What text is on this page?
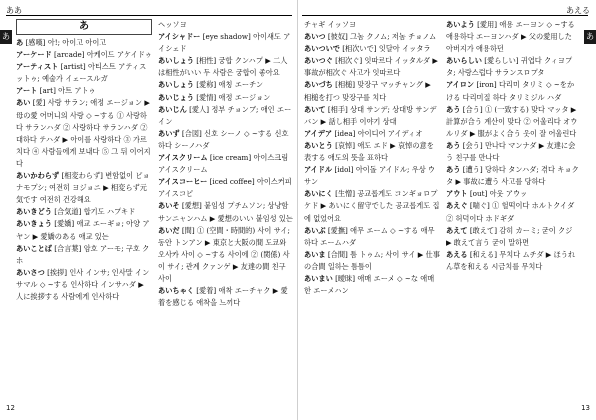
ああ
あ
あ

あ [感嘆] 아!; 아이고 아이고

アーケード [arcade] 아케이드 アケイドゥ

アーティスト [artist] 아티스트 アティスットゥ; 예술가 イェースルガ

アート [art] 아트 アトゥ

あい [愛] 사랑 サラン; 애정 エージョン ▶ 母の愛 어머니의 사랑 ◇ ~する ① 사랑하다 サランハダ ② 사랑하다 サランハダ ② 대하다 テハダ ▶ 아이를 사랑하다 ③ 가르치다 ④ 사람들에게 보내다 ⑤ 그 뒤 이어지다

あいかわらず [相変わらず] 변함없이 ピョナモプシ; 여전히 ヨジョニ ▶ 相変らず元気です 여전히 건강해요

あいきどう [合気道] 합기도 ハプキド

あいきょう [愛嬌] 애교 エーギョ; 아양 アヤン ▶ 愛嬌のある 애교 있는

あいことば [合言葉] 암호 アーモ; 구호 クホ

あいさつ [挨拶] 인사 インサ; 인사말 インサマル ◇ ~する 인사하다 インサハダ ▶ 人に挨拶する 사람에게 인사하다

ヘッソヨ

アイシャドー [eye shadow] 아이섀도 アイシェド

あいしょう [相性] 궁합 クンハプ ▶ 二人は相性がいい 두 사람은 궁합이 좋아요

あいしょう [愛称] 애칭 エーチン

あいじょう [愛情] 애정 エージョン

あいじん [愛人] 정부 チョンブ; 애인 エーイン

あいず [合図] 신호 シーノ ◇ ~する 신호하다 シーノハダ

アイスクリーム [ice cream] 아이스크림 アイスクリーム

アイスコーヒー [iced coffee] 아이스커피 アイスコピ

あいそ [愛想] 붙임성 プチムソン; 상냥함 サンニャンハム ▶ 愛想のいい 붙임성 있는

あいだ [間] ① (空間・時間的) 사이 サイ; 동안 トンアン ▶ 東京と大阪の間 도쿄와 오사카 사이 ◇ ~する 사이에 ② (関係) 사이 サイ; 관계 クァンゲ ▶ 友達の間 친구 사이

あいちゃく [愛着] 애착 エーチャク ▶ 愛着を感じる 애착을 느끼다

12
あえる
あ

チャギ イッソヨ

あいつ [彼奴] 그놈 クノム; 저놈 チョノム

あいついで [相次いで] 잇달아 イッタラ

あいつぐ [相次ぐ] 잇따르다 イッタルダ ▶ 事故が相次ぐ 사고가 잇따르다

あいづち [相槌] 맞장구 マッチャング ▶ 相槌を打つ 맞장구를 치다

あいて [相手] 상대 サンデ; 상대방 サンデバン ▶ 話し相手 이야기 상대

アイデア [idea] 아이디어 アイディオ

あいとう [哀悼] 애도 エド ▶ 哀悼の意を表する 애도의 뜻을 표하다

アイドル [idol] 아이돌 アイドル; 우상 ウサン

あいにく [生憎] 공교롭게도 コンギョロプケド ▶ あいにく留守でした 공교롭게도 집에 없었어요

あいぶ [愛撫] 애무 エーム ◇ ~する 애무하다 エームハダ

あいま [合間] 틈 トゥム; 사이 サイ ▶ 仕事の合間 일하는 틈틈이

あいまい [曖昧] 애매 エーメ ◇ ~な 애매한 エーメハン

あいよう [愛用] 애용 エーヨン ◇ ~する 애용하다 エーヨンハダ ▶ 父の愛用した 아버지가 애용하던

あいらしい [愛らしい] 귀엽다 クィヨプタ; 사랑스럽다 サランスロプタ

アイロン [iron] 다리미 タリミ ◇ ~をかける 다리미질 하다 タリミジル ハダ

あう [合う] ① (一致する) 맞다 マッタ ▶ 計算が合う 계산이 맞다 ② 어울리다 オウルリダ ▶ 服がよく合う 옷이 잘 어울린다

あう [会う] 만나다 マンナダ ▶ 友達に会う 친구를 만나다

あう [遭う] 당하다 タンハダ; 겪다 キョクタ ▶ 事故に遭う 사고를 당하다

アウト [out] 아웃 アウッ

あえぐ [喘ぐ] ① 헐떡이다 ホルトクイダ ② 허덕이다 ホドギダ

あえて [敢えて] 감히 カーミ; 굳이 クジ ▶ 敢えて言う 굳이 말하면

あえる [和える] 무치다 ムチダ ▶ ほうれん草を和える 시금치를 무치다

13
